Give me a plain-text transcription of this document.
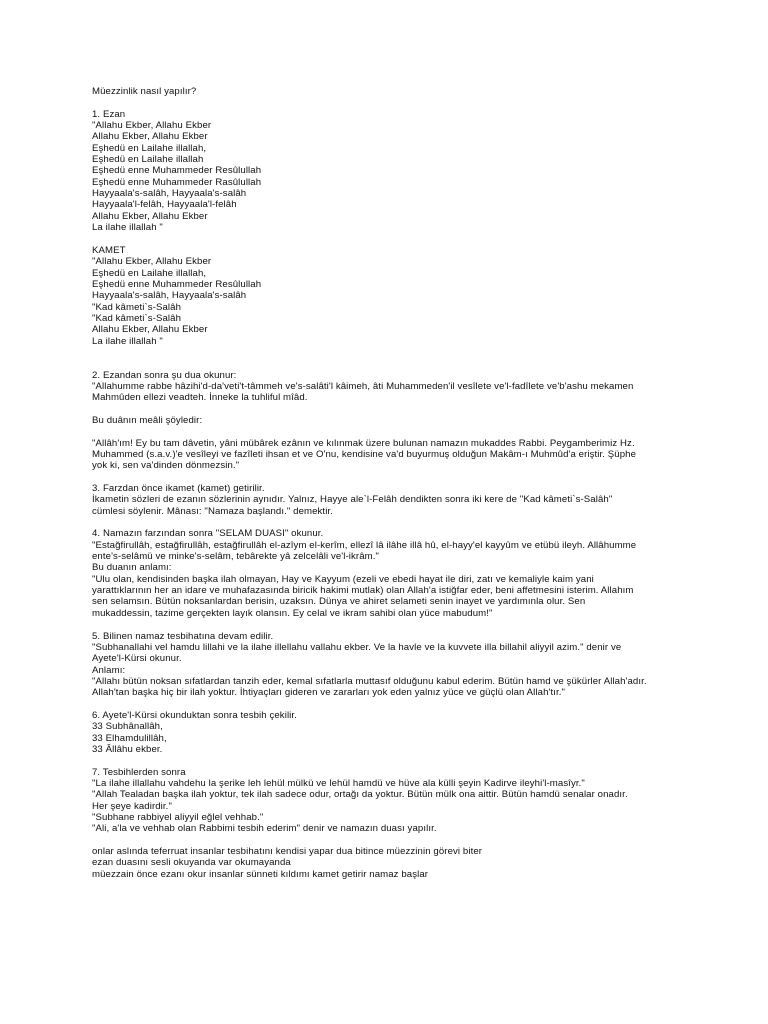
Müezzinlik nasıl yapılır?
1. Ezan
"Allahu Ekber, Allahu Ekber
Allahu Ekber, Allahu Ekber
Eşhedü en Lailahe illallah,
Eşhedü en Lailahe illallah
Eşhedü enne Muhammeder Resûlullah
Eşhedü enne Muhammeder Rasûlullah
Hayyaala's-salâh, Hayyaala's-salâh
Hayyaala'l-felâh, Hayyaala'l-felâh
Allahu Ekber, Allahu Ekber
La ilahe illallah "
KAMET
"Allahu Ekber, Allahu Ekber
Eşhedü en Lailahe illallah,
Eşhedü enne Muhammeder Resûlullah
Hayyaala's-salâh, Hayyaala's-salâh
"Kad kâmeti`s-Salâh
"Kad kâmeti`s-Salâh
Allahu Ekber, Allahu Ekber
La ilahe illallah "
2. Ezandan sonra şu dua okunur:
"Allahumme rabbe hâzihi'd-da'veti't-tâmmeh ve's-salâti'l kâimeh, âti Muhammeden'il vesîlete ve'l-fadîlete ve'b'ashu mekamen
Mahmûden ellezi veadteh. İnneke la tuhliful mîâd.
Bu duânın meâli şöyledir:
"Allâh'ım! Ey bu tam dâvetin, yâni mübârek ezânın ve kılınmak üzere bulunan namazın mukaddes Rabbi. Peygamberimiz Hz.
Muhammed (s.a.v.)'e vesîleyi ve fazîleti ihsan et ve O'nu, kendisine va'd buyurmuş olduğun Makâm-ı Muhmûd'a eriştir. Şüphe
yok ki, sen va'dinden dönmezsin."
3. Farzdan önce ikamet (kamet) getirilir.
İkametin sözleri de ezanın sözlerinin aynıdır. Yalnız, Hayye ale`l-Felâh dendikten sonra iki kere de "Kad kâmeti`s-Salâh"
cümlesi söylenir. Mânası: "Namaza başlandı." demektir.
4. Namazın farzından sonra "SELAM DUASI" okunur.
"Estağfirullâh, estağfirullâh, estağfirullâh el-azîym el-kerîm, ellezî lâ ilâhe illâ hû, el-hayy'el kayyûm ve etübü ileyh. Allâhumme
ente's-selâmü ve minke's-selâm, tebârekte yâ zelcelâli ve'l-ikrâm."
Bu duanın anlamı:
"Ulu olan, kendisinden başka ilah olmayan, Hay ve Kayyum (ezeli ve ebedi hayat ile diri, zatı ve kemaliyle kaim yani
yarattıklarının her an idare ve muhafazasında biricik hakimi mutlak) olan Allah'a istiğfar eder, beni affetmesini isterim. Allahım
sen selamsın. Bütün noksanlardan berisin, uzaksın. Dünya ve ahiret selameti senin inayet ve yardımınla olur. Sen
mukaddessin, tazime gerçekten layık olansın. Ey celal ve ikram sahibi olan yüce mabudum!"
5. Bilinen namaz tesbihatına devam edilir.
"Subhanallahi vel hamdu lillahi ve la ilahe illellahu vallahu ekber. Ve la havle ve la kuvvete illa billahil aliyyil azim." denir ve
Ayete'l-Kürsi okunur.
Anlamı:
"Allahı bütün noksan sıfatlardan tanzih eder, kemal sıfatlarla muttasıf olduğunu kabul ederim. Bütün hamd ve şükürler Allah'adır.
Allah'tan başka hiç bir ilah yoktur. İhtiyaçları gideren ve zararları yok eden yalnız yüce ve güçlü olan Allah'tır."
6. Ayete'l-Kürsi okunduktan sonra tesbih çekilir.
33 Subhânallâh,
33 Elhamdulillâh,
33 Âllâhu ekber.
7. Tesbihlerden sonra
"La ilahe illallahu vahdehu la şerike leh lehül mülkü ve lehül hamdü ve hüve ala külli şeyin Kadirve ileyhi'l-masîyr."
"Allah Tealadan başka ilah yoktur, tek ilah sadece odur, ortağı da yoktur. Bütün mülk ona aittir. Bütün hamdü senalar onadır.
Her şeye kadirdir."
"Subhane rabbiyel aliyyil eğlel vehhab."
"Ali, a'la ve vehhab olan Rabbimi tesbih ederim" denir ve namazın duası yapılır.
onlar aslında teferruat insanlar tesbihatını kendisi yapar dua bitince müezzinin görevi biter
ezan duasını sesli okuyanda var okumayanda
müezzain önce ezanı okur insanlar sünneti kıldımı kamet getirir namaz başlar
